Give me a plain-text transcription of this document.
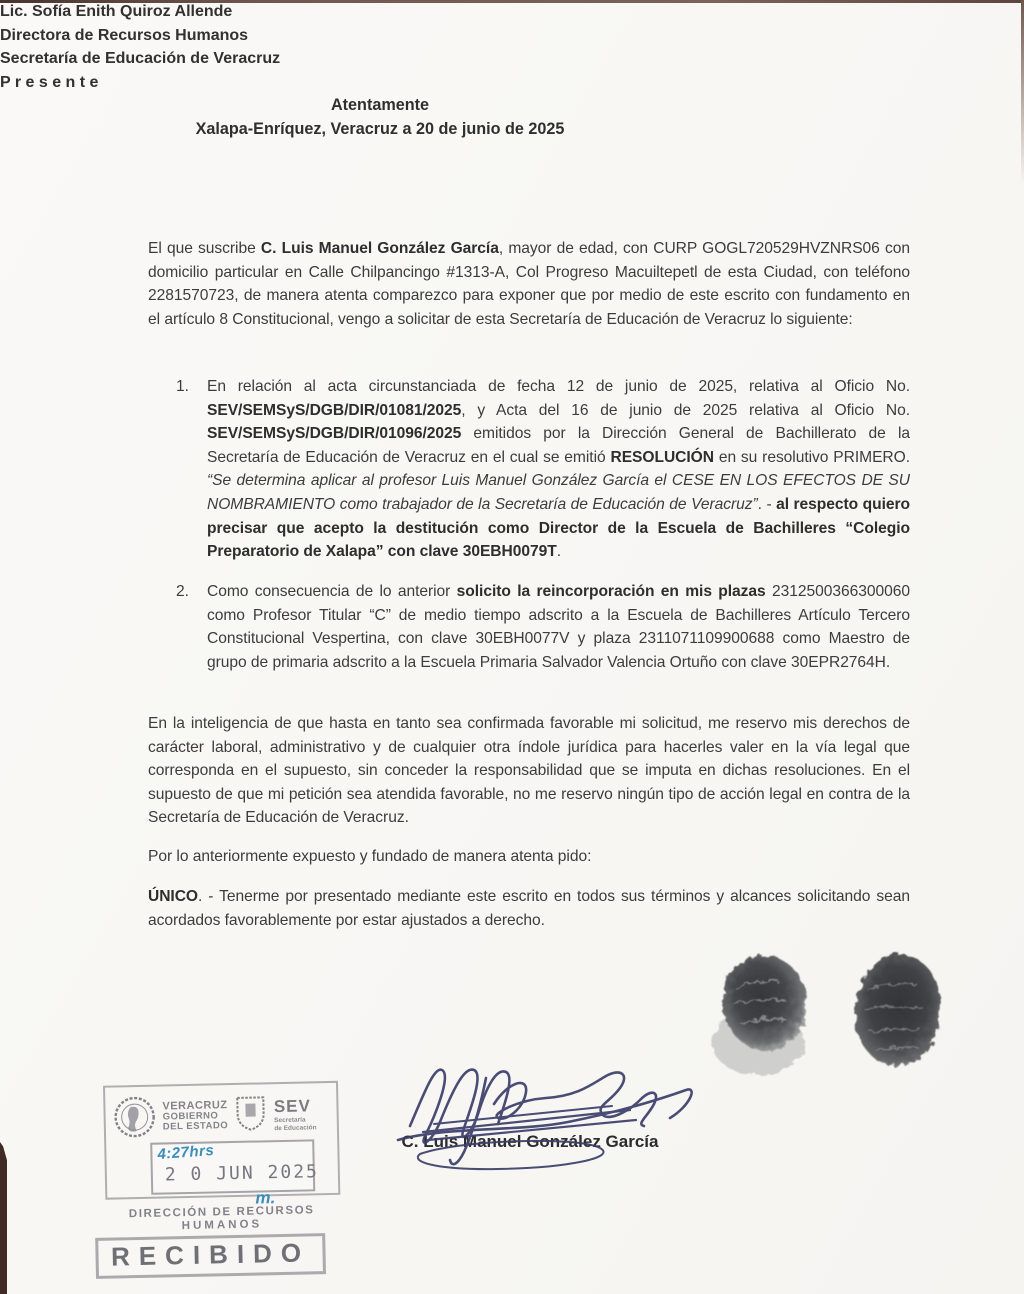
Lic. Sofía Enith Quiroz Allende
Directora de Recursos Humanos
Secretaría de Educación de Veracruz
P r e s e n t e
El que suscribe C. Luis Manuel González García, mayor de edad, con CURP GOGL720529HVZNRS06 con domicilio particular en Calle Chilpancingo #1313-A, Col Progreso Macuiltepetl de esta Ciudad, con teléfono 2281570723, de manera atenta comparezco para exponer que por medio de este escrito con fundamento en el artículo 8 Constitucional, vengo a solicitar de esta Secretaría de Educación de Veracruz lo siguiente:
1. En relación al acta circunstanciada de fecha 12 de junio de 2025, relativa al Oficio No. SEV/SEMSyS/DGB/DIR/01081/2025, y Acta del 16 de junio de 2025 relativa al Oficio No. SEV/SEMSyS/DGB/DIR/01096/2025 emitidos por la Dirección General de Bachillerato de la Secretaría de Educación de Veracruz en el cual se emitió RESOLUCIÓN en su resolutivo PRIMERO. “Se determina aplicar al profesor Luis Manuel González García el CESE EN LOS EFECTOS DE SU NOMBRAMIENTO como trabajador de la Secretaría de Educación de Veracruz”. - al respecto quiero precisar que acepto la destitución como Director de la Escuela de Bachilleres “Colegio Preparatorio de Xalapa” con clave 30EBH0079T.
2. Como consecuencia de lo anterior solicito la reincorporación en mis plazas 2312500366300060 como Profesor Titular “C” de medio tiempo adscrito a la Escuela de Bachilleres Artículo Tercero Constitucional Vespertina, con clave 30EBH0077V y plaza 2311071109900688 como Maestro de grupo de primaria adscrito a la Escuela Primaria Salvador Valencia Ortuño con clave 30EPR2764H.
En la inteligencia de que hasta en tanto sea confirmada favorable mi solicitud, me reservo mis derechos de carácter laboral, administrativo y de cualquier otra índole jurídica para hacerles valer en la vía legal que corresponda en el supuesto, sin conceder la responsabilidad que se imputa en dichas resoluciones. En el supuesto de que mi petición sea atendida favorable, no me reservo ningún tipo de acción legal en contra de la Secretaría de Educación de Veracruz.
Por lo anteriormente expuesto y fundado de manera atenta pido:
ÚNICO. - Tenerme por presentado mediante este escrito en todos sus términos y alcances solicitando sean acordados favorablemente por estar ajustados a derecho.
Atentamente
Xalapa-Enríquez, Veracruz a 20 de junio de 2025
C. Luis Manuel González García
VERACRUZ
GOBIERNO
DEL ESTADO
SEV
Secretaría
de Educación
4:27hrs
2 0 JUN 2025
m.
DIRECCIÓN DE RECURSOS
HUMANOS
RECIBIDO
